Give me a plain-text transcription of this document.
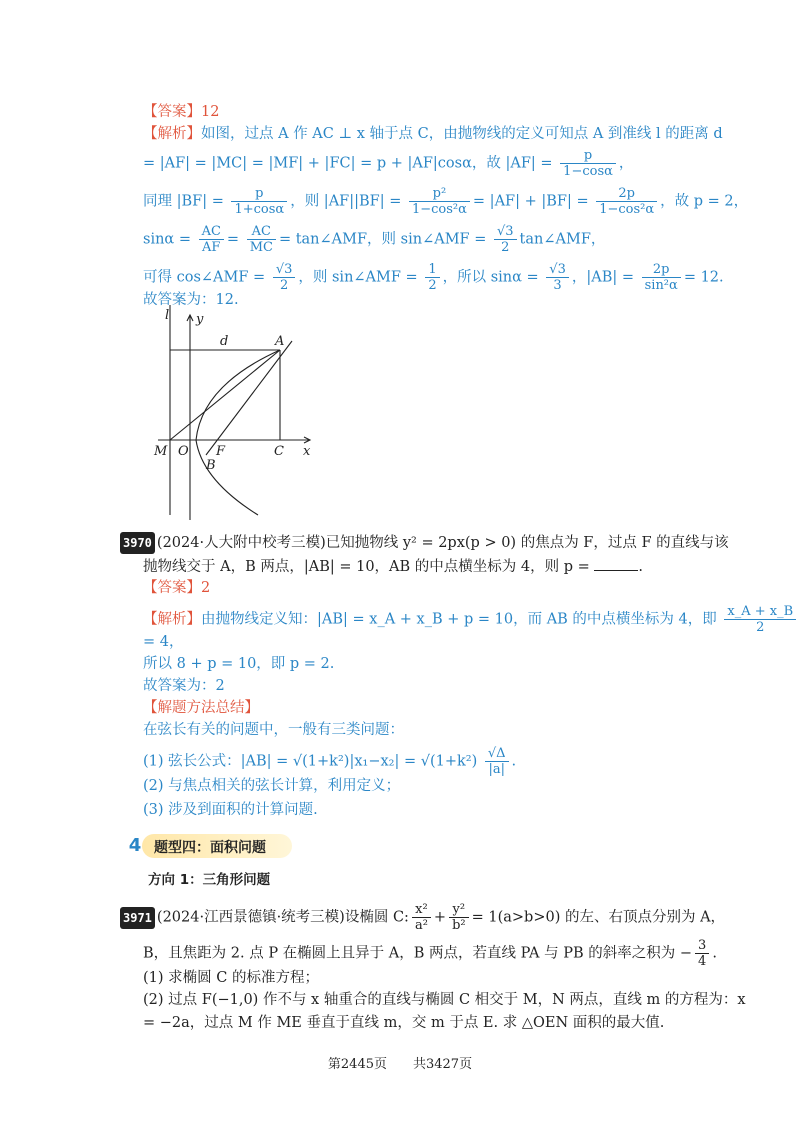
【答案】12
【解析】如图，过点 A 作 AC ⊥ x 轴于点 C，由抛物线的定义可知点 A 到准线 l 的距离 d
= |AF| = |MC| = |MF| + |FC| = p + |AF|cosα，故 $|AF| = \frac{p}{1-\cos\alpha}$ ，
同理 $|BF| = \frac{p}{1+\cos\alpha}$ ，则 $|AF||BF| = \frac{\text{p²}}{\text{1−cos²α}} = |AF| + |BF| = \frac{2p}{\text{1−cos²α}}$ ，故 p = 2，
$\sin\alpha = \frac{AC}{AF} = \frac{AC}{MC}$ = tan∠AMF，则 sin∠AMF = $\frac{√3}{2}$ tan∠AMF，
可得 cos∠AMF = $\frac{√3}{2}$ ，则 sin∠AMF = $\frac{1}{2}$ ，所以 $\sin\alpha = \frac{√3}{3}$ ，$|AB| = \frac{2p}{\text{sin²α}} = 12$.
故答案为：12.
l y
d	A
M O F	C x
B
3970 (2024·人大附中校考三模)已知抛物线 y² = 2px(p > 0) 的焦点为 F，过点 F 的直线与该
抛物线交于 A，B 两点，|AB| = 10，AB 的中点横坐标为 4，则 p =	.
【答案】2
【解析】由抛物线定义知：|AB| = x_A + x_B + p = 10，而 AB 的中点横坐标为 4，即 $\frac{x\_A + x\_B}{2}$
= 4，
所以 8 + p = 10，即 p = 2.
故答案为：2
【解题方法总结】
在弦长有关的问题中，一般有三类问题：
(1) 弦长公式：$|AB| = √(1+k^2)|x_1-x_2| = √(1+k^2) \frac{√\Delta}{|a|}$ .
(2) 与焦点相关的弦长计算，利用定义；
(3) 涉及到面积的计算问题.
4 题型四：面积问题
方向 1：三角形问题
3971 (2024·江西景德镇·统考三模)设椭圆 C: $\frac{\text{x²}}{\text{a²}} + \frac{\text{y²}}{\text{b²}} = 1(a>b>0)$ 的左、右顶点分别为 A，
B，且焦距为 2. 点 P 在椭圆上且异于 A，B 两点，若直线 PA 与 PB 的斜率之积为 − $\frac{3}{4}$ .
(1) 求椭圆 C 的标准方程；
(2) 过点 F(−1,0) 作不与 x 轴重合的直线与椭圆 C 相交于 M，N 两点，直线 m 的方程为：x
= −2a，过点 M 作 ME 垂直于直线 m，交 m 于点 E. 求 △OEN 面积的最大值.
第2445页　　共3427页
